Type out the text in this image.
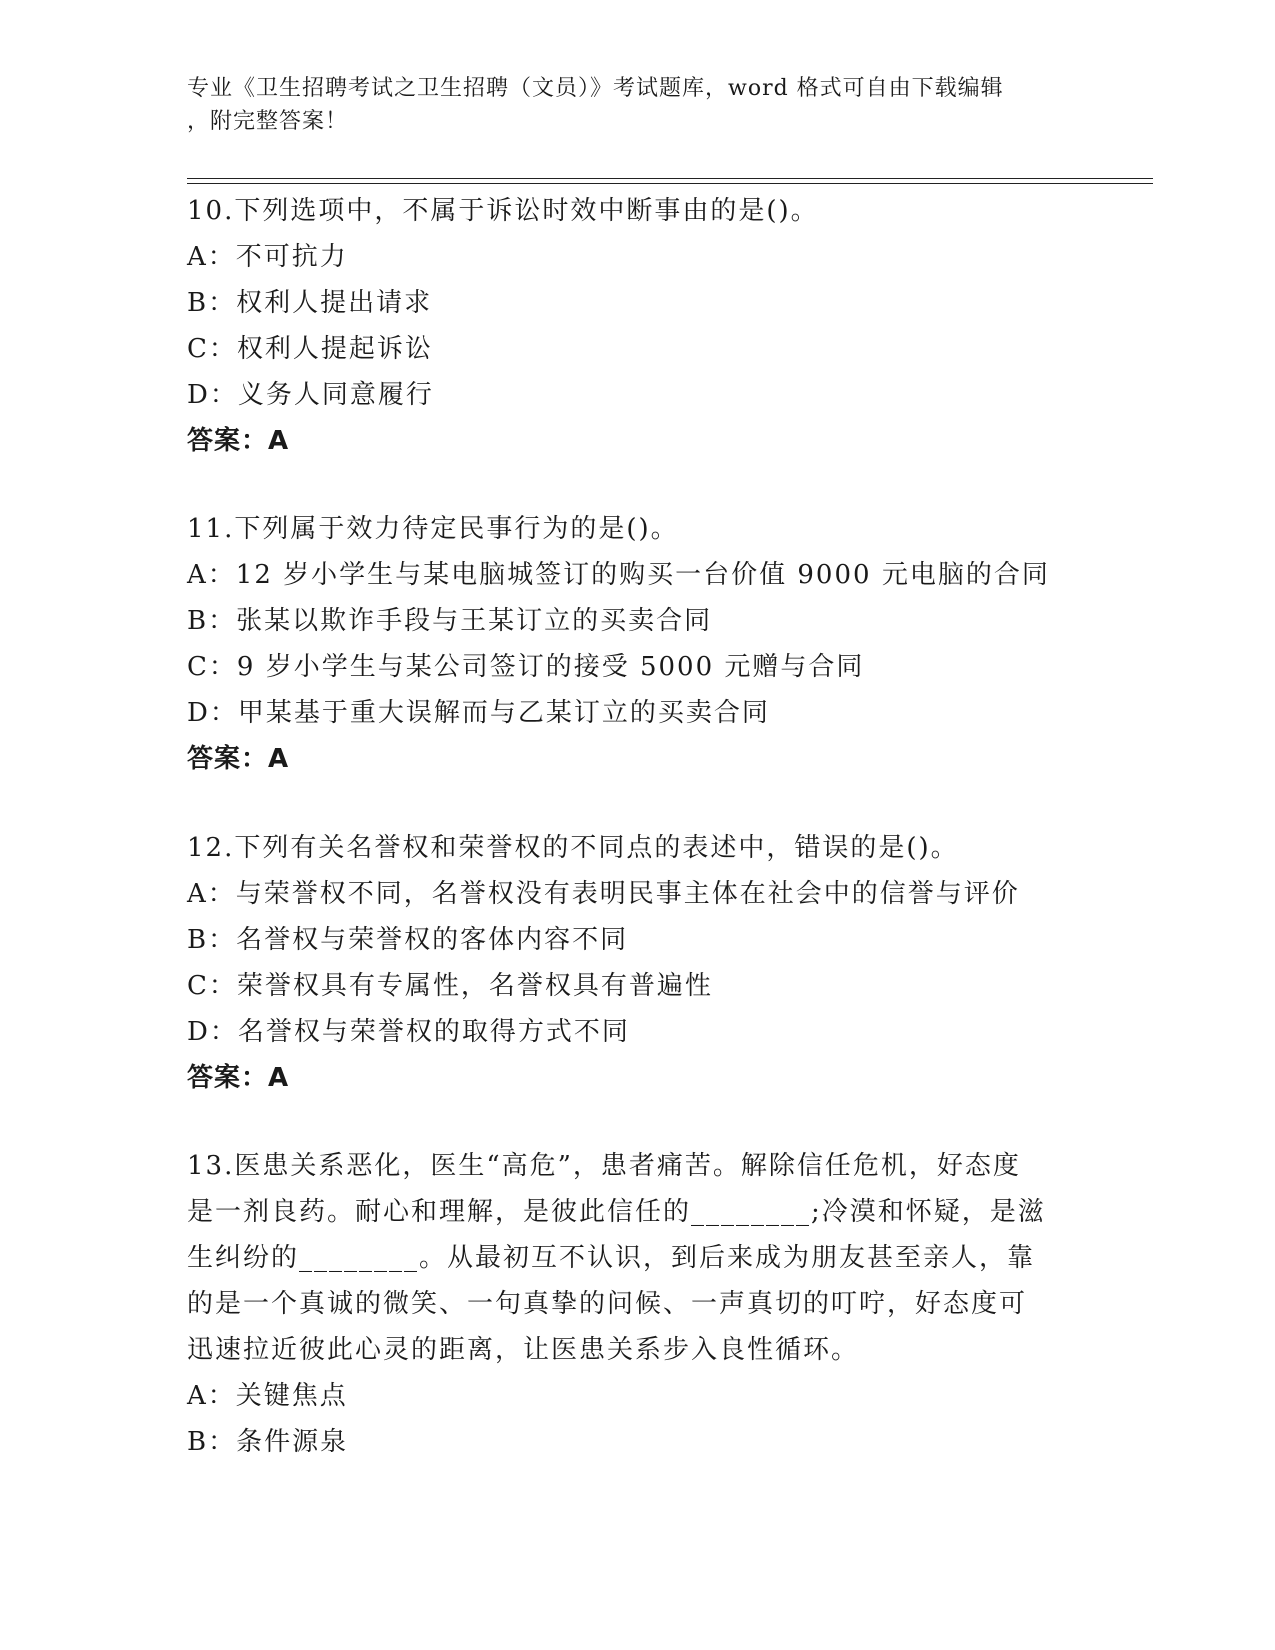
专业《卫生招聘考试之卫生招聘（文员）》考试题库，word 格式可自由下载编辑
，附完整答案！
10.下列选项中，不属于诉讼时效中断事由的是()。
A：不可抗力
B：权利人提出请求
C：权利人提起诉讼
D：义务人同意履行
答案：A
11.下列属于效力待定民事行为的是()。
A：12 岁小学生与某电脑城签订的购买一台价值 9000 元电脑的合同
B：张某以欺诈手段与王某订立的买卖合同
C：9 岁小学生与某公司签订的接受 5000 元赠与合同
D：甲某基于重大误解而与乙某订立的买卖合同
答案：A
12.下列有关名誉权和荣誉权的不同点的表述中，错误的是()。
A：与荣誉权不同，名誉权没有表明民事主体在社会中的信誉与评价
B：名誉权与荣誉权的客体内容不同
C：荣誉权具有专属性，名誉权具有普遍性
D：名誉权与荣誉权的取得方式不同
答案：A
13.医患关系恶化，医生“高危”，患者痛苦。解除信任危机，好态度
是一剂良药。耐心和理解，是彼此信任的________;冷漠和怀疑，是滋
生纠纷的________。从最初互不认识，到后来成为朋友甚至亲人，靠
的是一个真诚的微笑、一句真挚的问候、一声真切的叮咛，好态度可
迅速拉近彼此心灵的距离，让医患关系步入良性循环。
A：关键焦点
B：条件源泉
